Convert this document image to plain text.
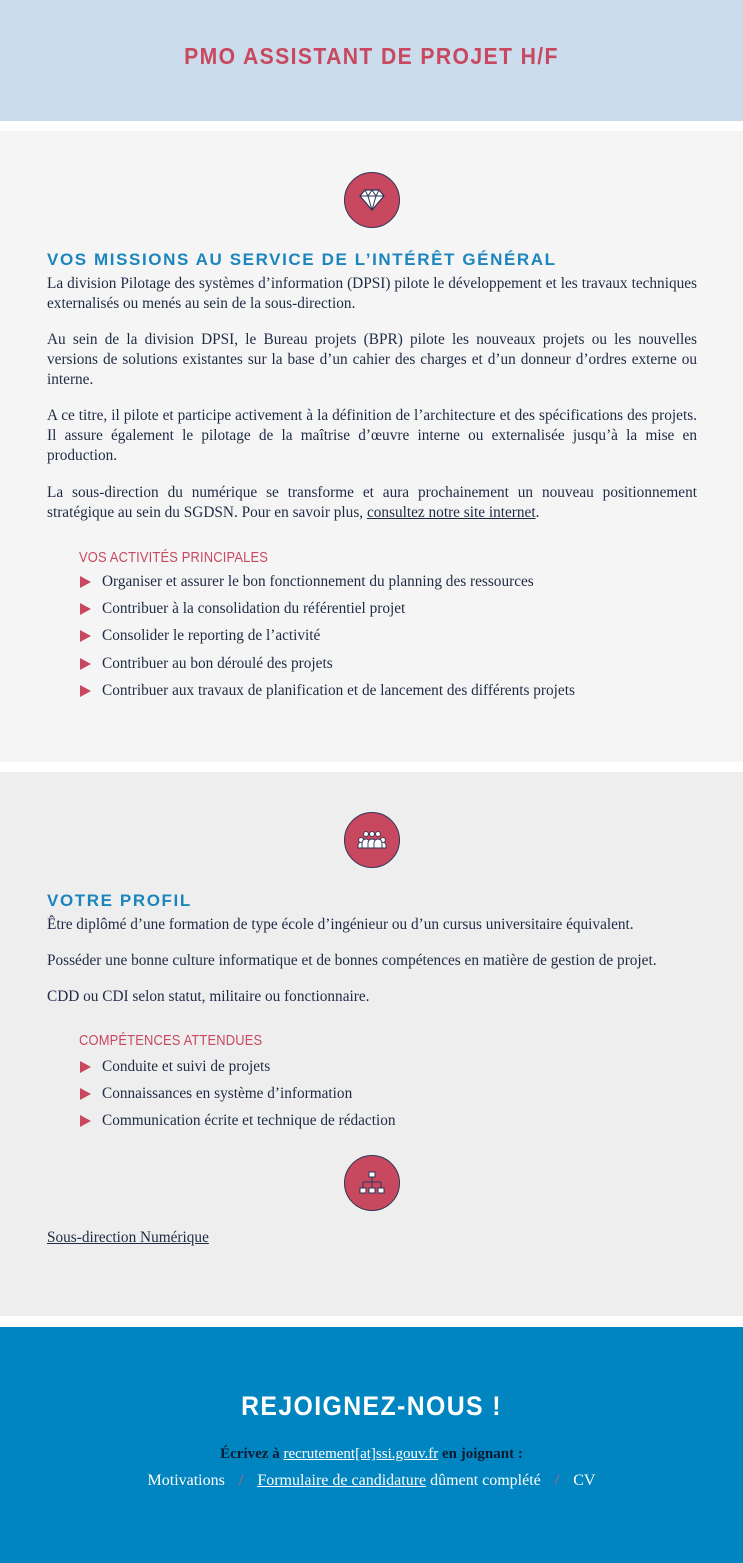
PMO ASSISTANT DE PROJET H/F
VOS MISSIONS AU SERVICE DE L’INTÉRÊT GÉNÉRAL

La division Pilotage des systèmes d’information (DPSI) pilote le développement et les travaux techniques externalisés ou menés au sein de la sous-direction.

Au sein de la division DPSI, le Bureau projets (BPR) pilote les nouveaux projets ou les nouvelles versions de solutions existantes sur la base d’un cahier des charges et d’un donneur d’ordres externe ou interne.

A ce titre, il pilote et participe activement à la définition de l’architecture et des spécifications des projets. Il assure également le pilotage de la maîtrise d’œuvre interne ou externalisée jusqu’à la mise en production.

La sous-direction du numérique se transforme et aura prochainement un nouveau positionnement stratégique au sein du SGDSN. Pour en savoir plus, consultez notre site internet.

VOS ACTIVITÉS PRINCIPALES
Organiser et assurer le bon fonctionnement du planning des ressources
Contribuer à la consolidation du référentiel projet
Consolider le reporting de l’activité
Contribuer au bon déroulé des projets
Contribuer aux travaux de planification et de lancement des différents projets
VOTRE PROFIL

Être diplômé d’une formation de type école d’ingénieur ou d’un cursus universitaire équivalent.

Posséder une bonne culture informatique et de bonnes compétences en matière de gestion de projet.

CDD ou CDI selon statut, militaire ou fonctionnaire.

COMPÉTENCES ATTENDUES
Conduite et suivi de projets
Connaissances en système d’information
Communication écrite et technique de rédaction
Sous-direction Numérique
REJOIGNEZ-NOUS !
Écrivez à recrutement[at]ssi.gouv.fr en joignant :
Motivations / Formulaire de candidature dûment complété / CV
